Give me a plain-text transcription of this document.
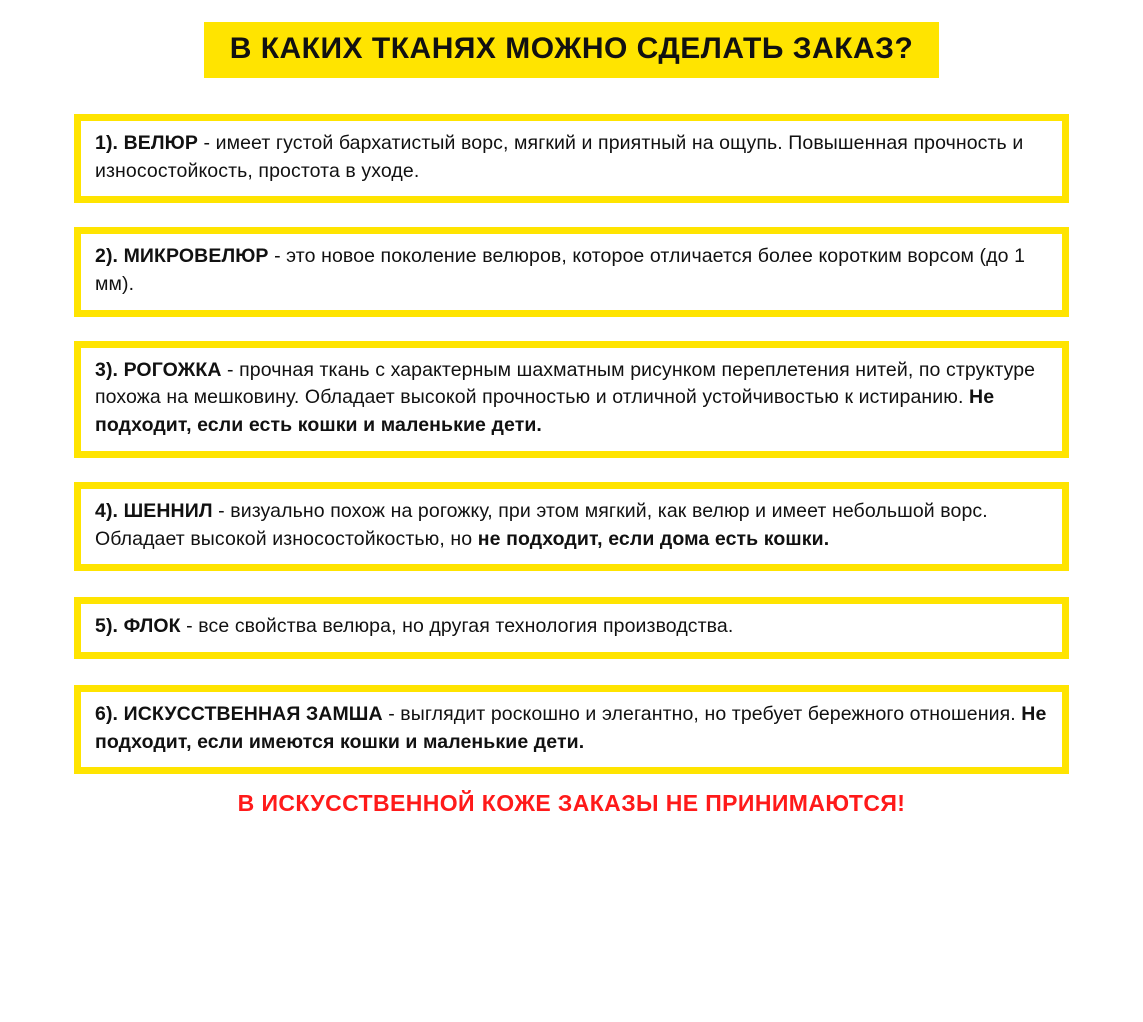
В КАКИХ ТКАНЯХ МОЖНО СДЕЛАТЬ ЗАКАЗ?

1). ВЕЛЮР - имеет густой бархатистый ворс, мягкий и приятный на ощупь. Повышенная прочность и износостойкость, простота в уходе.

2). МИКРОВЕЛЮР - это новое поколение велюров, которое отличается более коротким ворсом (до 1 мм).

3). РОГОЖКА - прочная ткань с характерным шахматным рисунком переплетения нитей, по структуре похожа на мешковину. Обладает высокой прочностью и отличной устойчивостью к истиранию. Не подходит, если есть кошки и маленькие дети.

4). ШЕННИЛ - визуально похож на рогожку, при этом мягкий, как велюр и имеет небольшой ворс. Обладает высокой износостойкостью, но не подходит, если дома есть кошки.

5). ФЛОК - все свойства велюра, но другая технология производства.

6). ИСКУССТВЕННАЯ ЗАМША - выглядит роскошно и элегантно, но требует бережного отношения. Не подходит, если имеются кошки и маленькие дети.

В ИСКУССТВЕННОЙ КОЖЕ ЗАКАЗЫ НЕ ПРИНИМАЮТСЯ!
